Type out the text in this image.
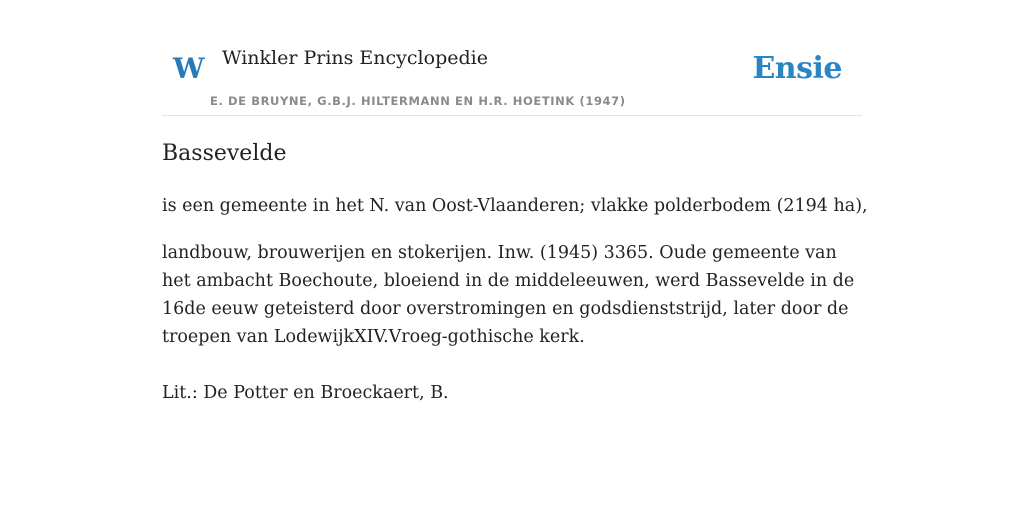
W Winkler Prins Encyclopedie
E. DE BRUYNE, G.B.J. HILTERMANN EN H.R. HOETINK (1947)
Ensie
Bassevelde

is een gemeente in het N. van Oost-Vlaanderen; vlakke polderbodem (2194 ha),

landbouw, brouwerijen en stokerijen. Inw. (1945) 3365. Oude gemeente van het ambacht Boechoute, bloeiend in de middeleeuwen, werd Bassevelde in de 16de eeuw geteisterd door overstromingen en godsdienststrijd, later door de troepen van LodewijkXIV.Vroeg-gothische kerk.

Lit.: De Potter en Broeckaert, B.
